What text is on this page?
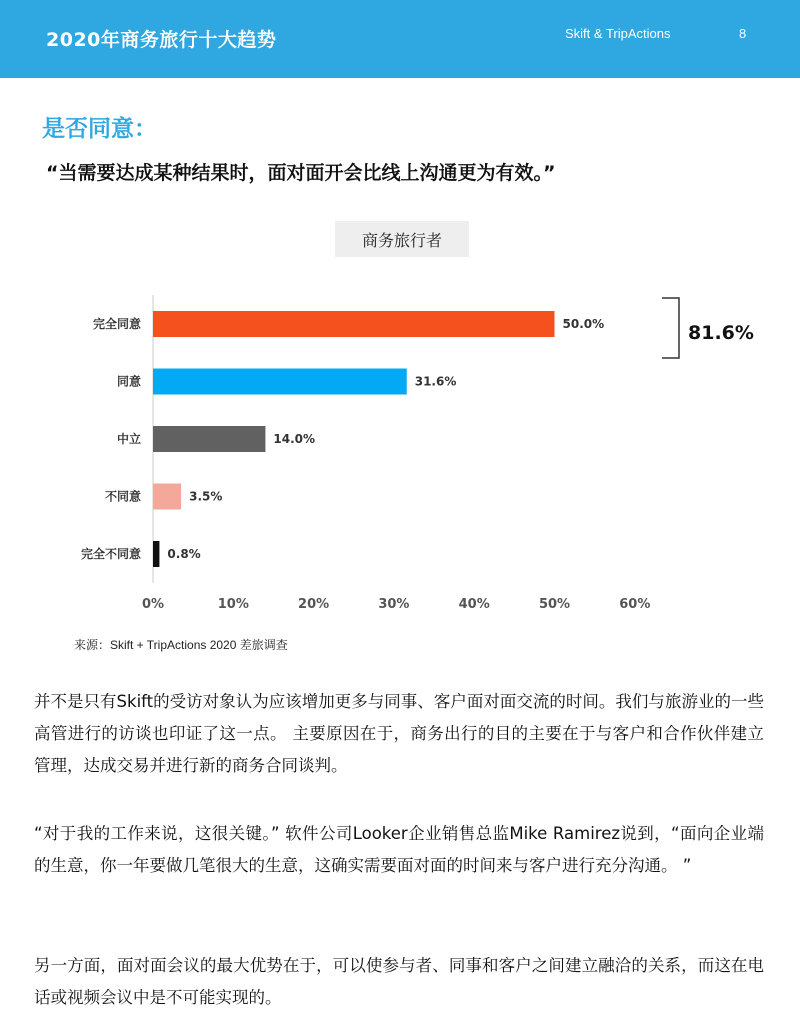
2020年商务旅行十大趋势	Skift & TripActions	8
是否同意：
“当需要达成某种结果时，面对面开会比线上沟通更为有效。”
商务旅行者
完全同意
同意
中立
不同意
完全不同意
50.0%
31.6%
14.0%
3.5%
0.8%
0%	10%	20%	30%	40%	50%	60%
81.6%
来源：Skift + TripActions 2020 差旅调查

并不是只有Skift的受访对象认为应该增加更多与同事、客户面对面交流的时间。我们与旅游业的一些高管进行的访谈也印证了这一点。 主要原因在于，商务出行的目的主要在于与客户和合作伙伴建立管理，达成交易并进行新的商务合同谈判。

“对于我的工作来说，这很关键。” 软件公司Looker企业销售总监Mike Ramirez说到，“面向企业端的生意，你一年要做几笔很大的生意，这确实需要面对面的时间来与客户进行充分沟通。 ”

另一方面，面对面会议的最大优势在于，可以使参与者、同事和客户之间建立融洽的关系，而这在电话或视频会议中是不可能实现的。
